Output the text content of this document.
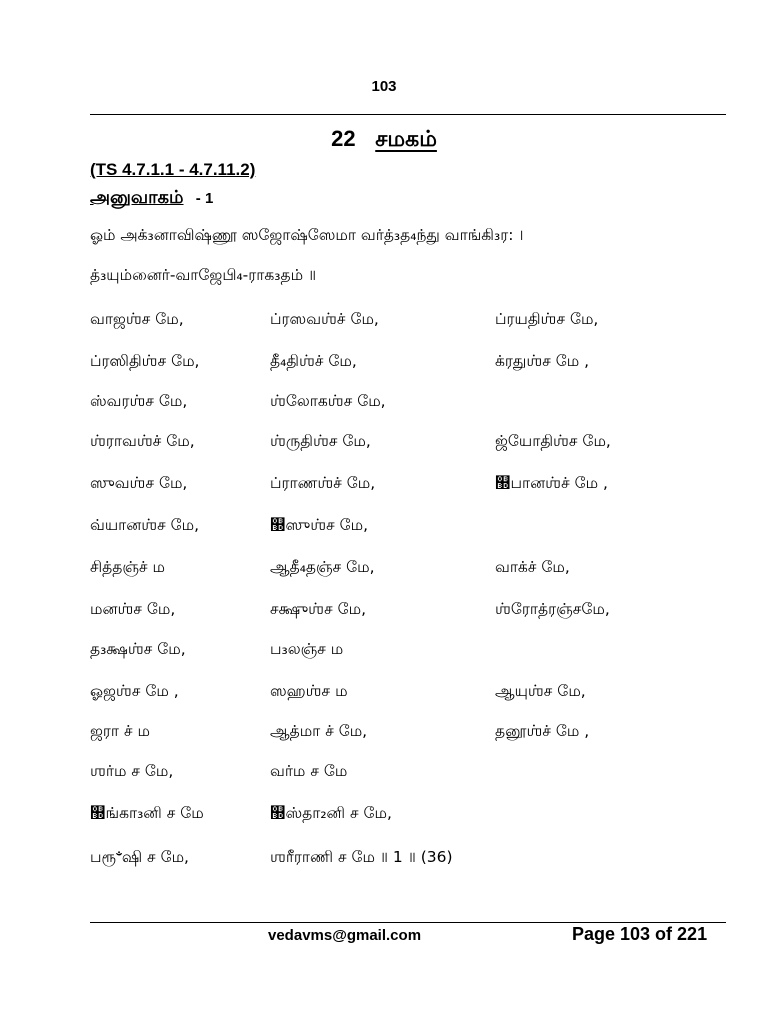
103
22 சமகம்
(TS 4.7.1.1 - 4.7.11.2)
அனுவாகம் - 1
ஓம் அக்₃னாவிஷ்ணூ ஸஜோஷ்ஸேமா வர்த்₃த₄ந்து வாங்கி₃ர: ।
த்₃யும்னைர்-வாஜேபி₄-ராக₃தம் ॥
வாஜஶ்ச மே,	ப்ரஸவஶ்ச் மே,	ப்ரயதிஶ்ச மே,
ப்ரஸிதிஶ்ச மே,	தீ₄திஶ்ச் மே,	க்ரதுஶ்ச மே ,
ஸ்வரஶ்ச மே,	ஶ்லோகஶ்ச மே,
ஶ்ராவஶ்ச் மே,	ஶ்ருதிஶ்ச மே,	ஜ்யோதிஶ்ச மே,
ஸுவஶ்ச மே,	ப்ராணஶ்ச் மே,	஽பானஶ்ச் மே ,
வ்யானஶ்ச மே,	஽ஸுஶ்ச மே,
சித்தஞ்ச் ம	ஆதீ₄தஞ்ச மே,	வாக்ச் மே,
மனஶ்ச மே,	சக்ஷுஶ்ச மே,	ஶ்ரோத்ரஞ்சமே,
த₃க்ஷஶ்ச மே,	ப₃லஞ்ச ம
ஓஜஶ்ச மே ,	ஸஹஶ்ச ம	ஆயுஶ்ச மே,
ஜரா ச் ம	ஆத்மா ச் மே,	தனூஶ்ச் மே ,
ஶர்ம ச மே,	வர்ம ச மே
஽ங்கா₃னி ச மே	஽ஸ்தா₂னி ச மே,
பரூꣲஷி ச மே,	ஶரீராணி ச மே ॥ 1 ॥ (36)
vedavms@gmail.com	Page 103 of 221
